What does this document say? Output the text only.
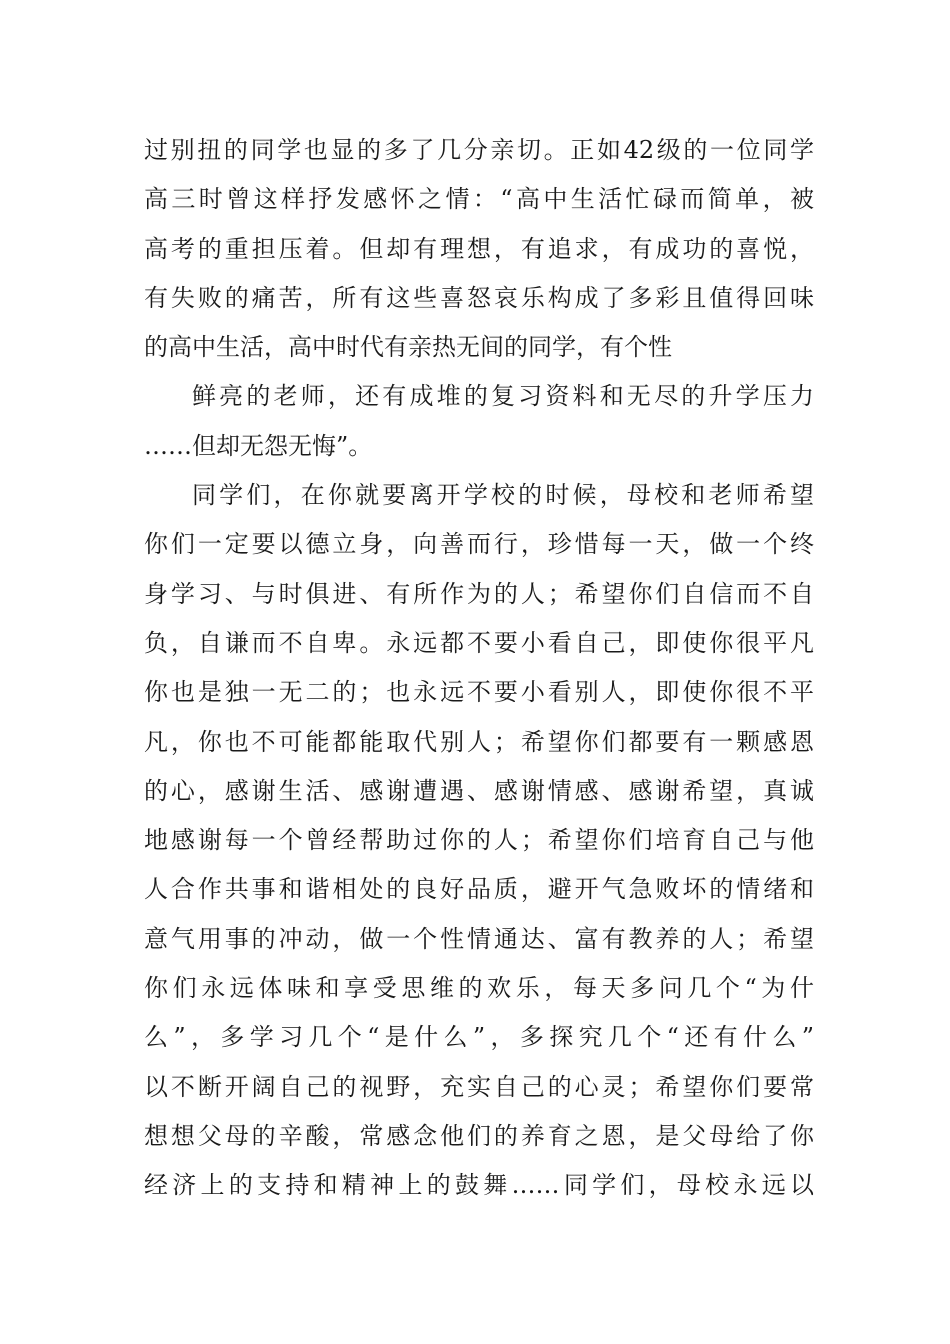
过别扭的同学也显的多了几分亲切。正如42级的一位同学
高三时曾这样抒发感怀之情：“高中生活忙碌而简单，被
高考的重担压着。但却有理想，有追求，有成功的喜悦，
有失败的痛苦，所有这些喜怒哀乐构成了多彩且值得回味
的高中生活，高中时代有亲热无间的同学，有个性
鲜亮的老师，还有成堆的复习资料和无尽的升学压力
……但却无怨无悔”。
同学们，在你就要离开学校的时候，母校和老师希望
你们一定要以德立身，向善而行，珍惜每一天，做一个终
身学习、与时俱进、有所作为的人；希望你们自信而不自
负，自谦而不自卑。永远都不要小看自己，即使你很平凡
你也是独一无二的；也永远不要小看别人，即使你很不平
凡，你也不可能都能取代别人；希望你们都要有一颗感恩
的心，感谢生活、感谢遭遇、感谢情感、感谢希望，真诚
地感谢每一个曾经帮助过你的人；希望你们培育自己与他
人合作共事和谐相处的良好品质，避开气急败坏的情绪和
意气用事的冲动，做一个性情通达、富有教养的人；希望
你们永远体味和享受思维的欢乐，每天多问几个“为什
么”，多学习几个“是什么”，多探究几个“还有什么”
以不断开阔自己的视野，充实自己的心灵；希望你们要常
想想父母的辛酸，常感念他们的养育之恩，是父母给了你
经济上的支持和精神上的鼓舞……同学们，母校永远以
